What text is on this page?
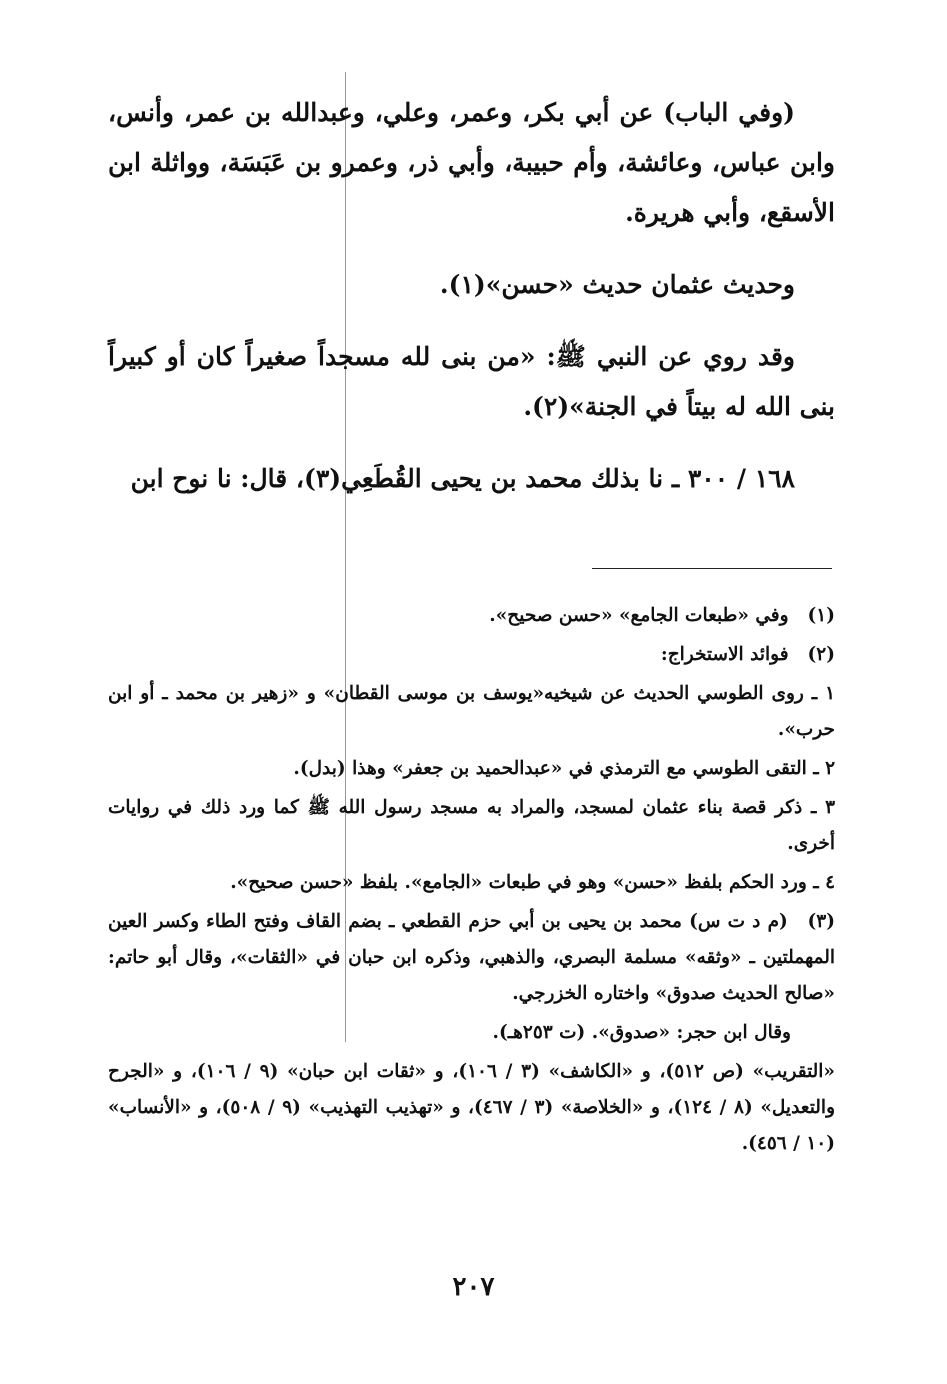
(وفي الباب) عن أبي بكر، وعمر، وعلي، وعبدالله بن عمر، وأنس، وابن عباس، وعائشة، وأم حبيبة، وأبي ذر، وعمرو بن عَبَسَة، وواثلة ابن الأسقع، وأبي هريرة.

وحديث عثمان حديث «حسن»(١).

وقد روي عن النبي ﷺ: «من بنى لله مسجداً صغيراً كان أو كبيراً بنى الله له بيتاً في الجنة»(٢).

١٦٨ / ٣٠٠ ـ نا بذلك محمد بن يحيى القُطَعِي(٣)، قال: نا نوح ابن

(١) وفي «طبعات الجامع» «حسن صحيح».
(٢) فوائد الاستخراج:
١ ـ روى الطوسي الحديث عن شيخيه«يوسف بن موسى القطان» و «زهير بن محمد ـ أو ابن حرب».
٢ ـ التقى الطوسي مع الترمذي في «عبدالحميد بن جعفر» وهذا (بدل).
٣ ـ ذكر قصة بناء عثمان لمسجد، والمراد به مسجد رسول الله ﷺ كما ورد ذلك في روايات أخرى.
٤ ـ ورد الحكم بلفظ «حسن» وهو في طبعات «الجامع». بلفظ «حسن صحيح».
(٣) (م د ت س) محمد بن يحيى بن أبي حزم القطعي ـ بضم القاف وفتح الطاء وكسر العين المهملتين ـ «وثقه» مسلمة البصري، والذهبي، وذكره ابن حبان في «الثقات»، وقال أبو حاتم: «صالح الحديث صدوق» واختاره الخزرجي.
وقال ابن حجر: «صدوق». (ت ٢٥٣هـ).
«التقريب» (ص ٥١٢)، و «الكاشف» (٣ / ١٠٦)، و «ثقات ابن حبان» (٩ / ١٠٦)، و «الجرح والتعديل» (٨ / ١٢٤)، و «الخلاصة» (٣ / ٤٦٧)، و «تهذيب التهذيب» (٩ / ٥٠٨)، و «الأنساب» (١٠ / ٤٥٦).
٢٠٧
